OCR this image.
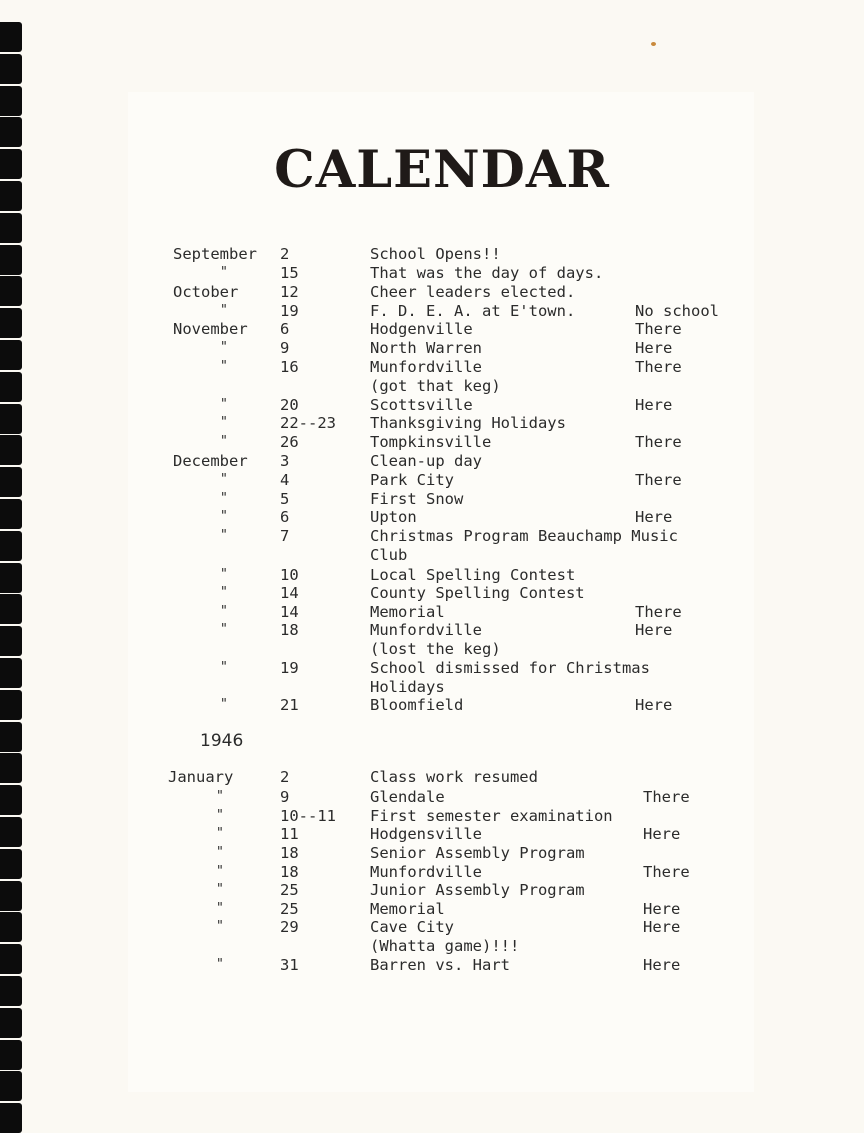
CALENDAR
1946
September 2	School Opens!!
"	15	That was the day of days.
October	12	Cheer leaders elected.
"	19	F. D. E. A. at E'town.	No school
November 6	Hodgenville	There
"	9	North Warren	Here
"	16	Munfordville	There
(got that keg)
"	20	Scottsville	Here
"	22--23 Thanksgiving Holidays
"	26	Tompkinsville	There
December 3	Clean-up day
"	4	Park City	There
"	5	First Snow
"	6	Upton	Here
"	7	Christmas Program Beauchamp Music
Club
"	10	Local Spelling Contest
"	14	County Spelling Contest
"	14	Memorial	There
"	18	Munfordville	Here
(lost the keg)
"	19	School dismissed for Christmas
Holidays
"	21	Bloomfield	Here
January	2	Class work resumed
"	9	Glendale	There
"	10--11 First semester examination
"	11	Hodgensville	Here
"	18	Senior Assembly Program
"	18	Munfordville	There
"	25	Junior Assembly Program
"	25	Memorial	Here
"	29	Cave City	Here
(Whatta game)!!!
"	31	Barren vs. Hart	Here
